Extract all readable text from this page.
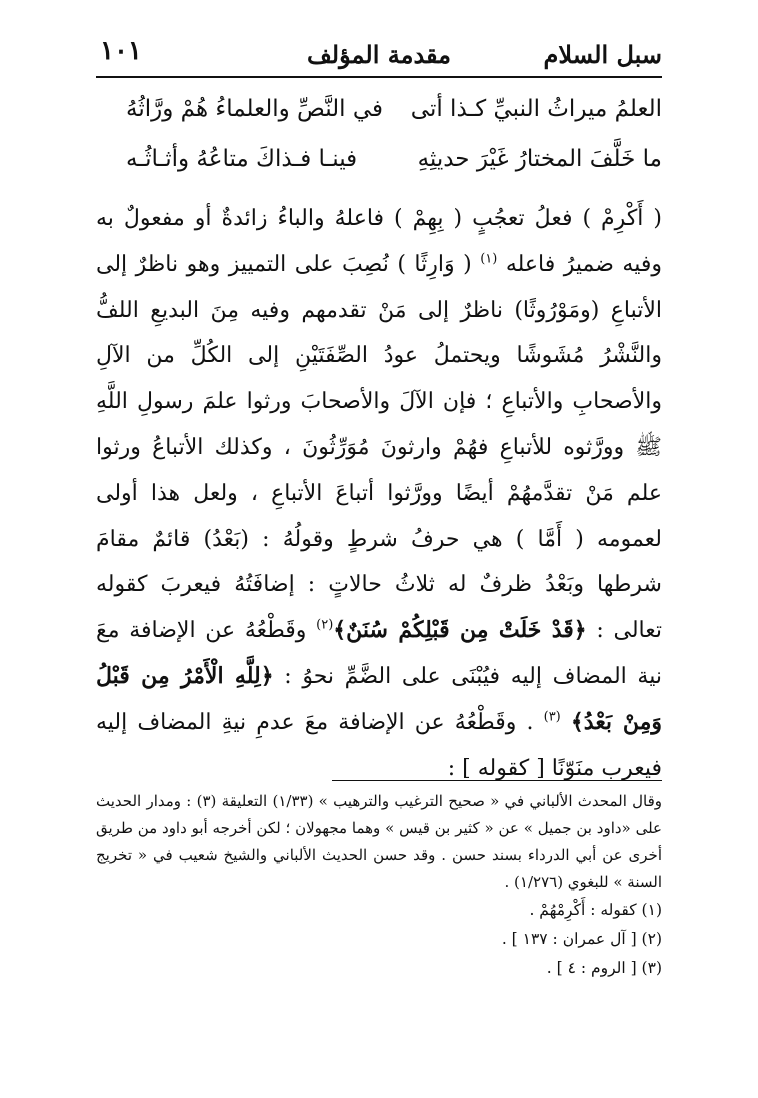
سبل السلام
مقدمة المؤلف
١٠١
العلمُ ميراثُ النبيِّ كـذا أتى
في النَّصِّ والعلماءُ هُمْ ورَّاثُهُ
ما خَلَّفَ المختارُ غَيْرَ حديثِهِ
فينـا فـذاكَ متاعُهُ وأثـاثُـه
( أَكْرِمْ ) فعلُ تعجُبٍ ( بِهِمْ ) فاعلهُ والباءُ زائدةٌ أو مفعولٌ به وفيه ضميرُ فاعله $^{(١)}$ ( وَارِثًا ) نُصِبَ على التمييز وهو ناظرٌ إلى الأتباعِ (ومَوْرُوثًا) ناظرٌ إلى مَنْ تقدمهم وفيه مِنَ البديعِ اللفُّ والنَّشْرُ مُشَوشًا ويحتملُ عودُ الصِّفَتَيْنِ إلى الكُلِّ من الآلِ والأصحابِ والأتباعِ ؛ فإن الآلَ والأصحابَ ورثوا علمَ رسولِ اللَّهِ ﷺ وورَّثوه للأتباعِ فهُمْ وارثونَ مُوَرِّثُونَ ، وكذلك الأتباعُ ورثوا علم مَنْ تقدَّمهُمْ أيضًا وورَّثوا أتباعَ الأتباعِ ، ولعل هذا أولى لعمومه ( أَمَّا ) هي حرفُ شرطٍ وقولُهُ : (بَعْدُ) قائمٌ مقامَ شرطها وبَعْدُ ظرفٌ له ثلاثُ حالاتٍ : إضافَتُهُ فيعربَ كقوله تعالى : ﴿قَدْ خَلَتْ مِن قَبْلِكُمْ سُنَنٌ﴾$^{(٢)}$ وقَطْعُهُ عن الإضافة معَ نية المضاف إليه فيُبْنَى على الضَّمِّ نحوُ : ﴿لِلَّهِ الْأَمْرُ مِن قَبْلُ وَمِنْ بَعْدُ﴾ $^{(٣)}$ . وقَطْعُهُ عن الإضافة معَ عدمِ نيةِ المضاف إليه فيعرب منَوّنًا [ كقوله ] :

وقال المحدث الألباني في « صحيح الترغيب والترهيب » (١/٣٣) التعليقة (٣) : ومدار الحديث على «داود بن جميل » عن « كثير بن قيس » وهما مجهولان ؛ لكن أخرجه أبو داود من طريق أخرى عن أبي الدرداء بسند حسن . وقد حسن الحديث الألباني والشيخ شعيب في « تخريج السنة » للبغوي (١/٢٧٦) .

(١) كقوله : أَكْرِمْهُمْ .

(٢) [ آل عمران : ١٣٧ ] .

(٣) [ الروم : ٤ ] .
